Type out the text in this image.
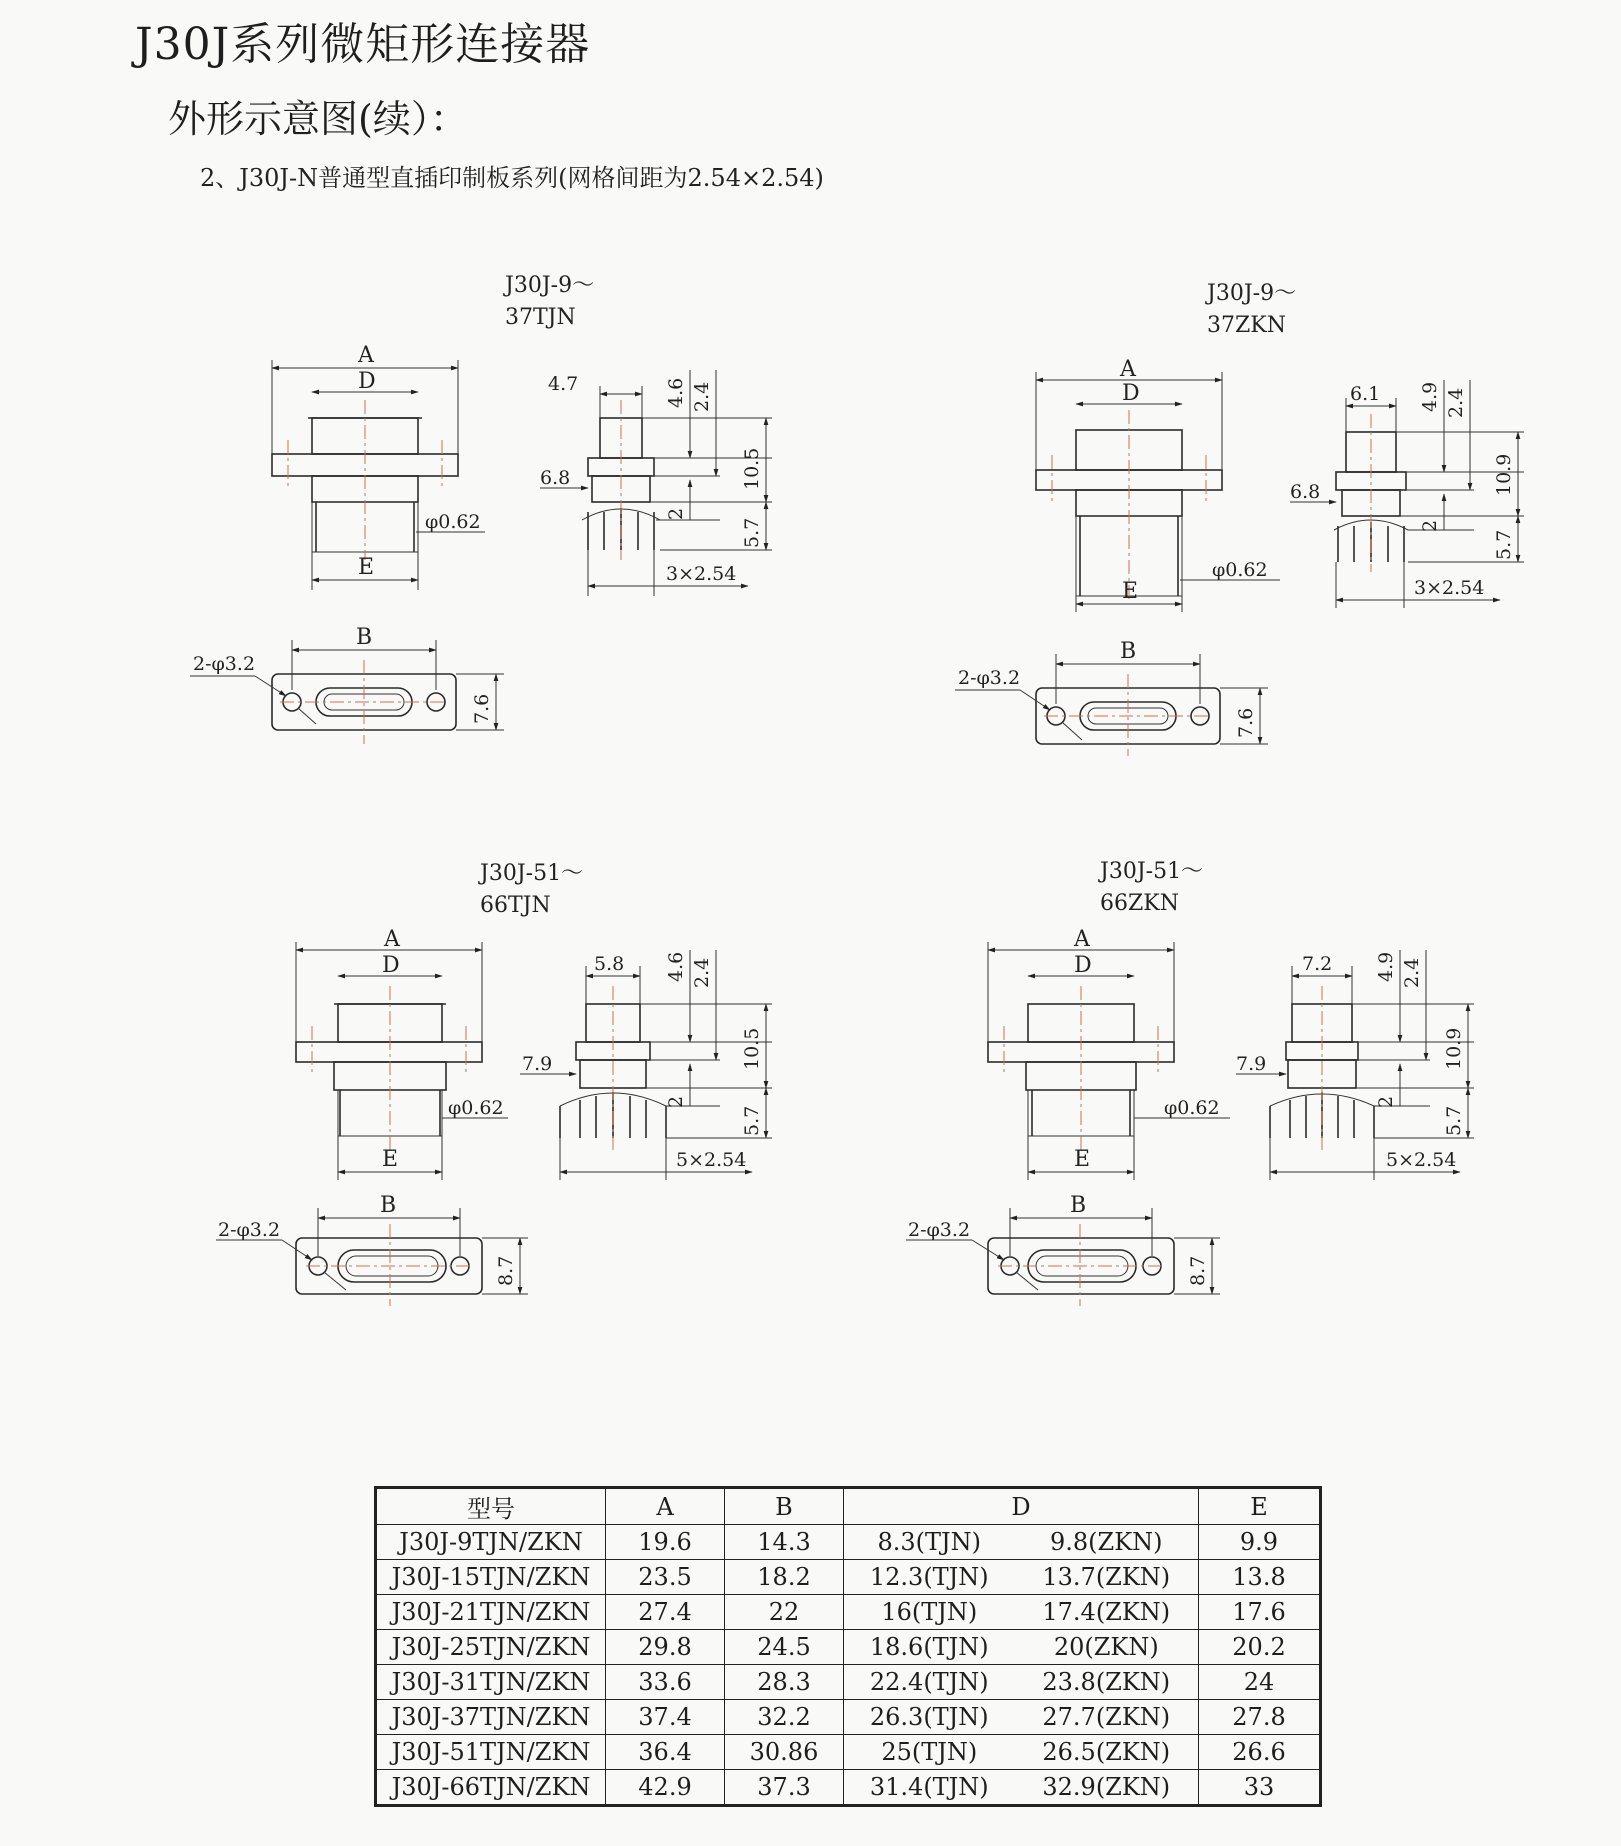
J30J系列微矩形连接器
外形示意图(续）：
2、J30J-N普通型直插印制板系列(网格间距为2.54×2.54)
J30J-9～
37TJN
A
D
E
φ0.62
B
2-φ3.2
7.6
4.7
6.8
4.6 2.4
10.5
2
5.7
3×2.54
J30J-9～
37ZKN
A
D
E
φ0.62
B
2-φ3.2
7.6
6.1
6.8
4.9 2.4
10.9
2
5.7
3×2.54
J30J-51～
66TJN
A
D
E
φ0.62
B
2-φ3.2
8.7
5.8
7.9
4.6 2.4
10.5
2
5.7
5×2.54
J30J-51～
66ZKN
A
D
E
φ0.62
B
2-φ3.2
8.7
7.2
7.9
4.9 2.4
10.9
2
5.7
5×2.54
型号	A	B	D		E
J30J-9TJN/ZKN	19.6	14.3	8.3(TJN)	9.8(ZKN)	9.9
J30J-15TJN/ZKN	23.5	18.2	12.3(TJN)	13.7(ZKN)	13.8
J30J-21TJN/ZKN	27.4	22	16(TJN)	17.4(ZKN)	17.6
J30J-25TJN/ZKN	29.8	24.5	18.6(TJN)	20(ZKN)	20.2
J30J-31TJN/ZKN	33.6	28.3	22.4(TJN)	23.8(ZKN)	24
J30J-37TJN/ZKN	37.4	32.2	26.3(TJN)	27.7(ZKN)	27.8
J30J-51TJN/ZKN	36.4	30.86	25(TJN)	26.5(ZKN)	26.6
J30J-66TJN/ZKN	42.9	37.3	31.4(TJN)	32.9(ZKN)	33
